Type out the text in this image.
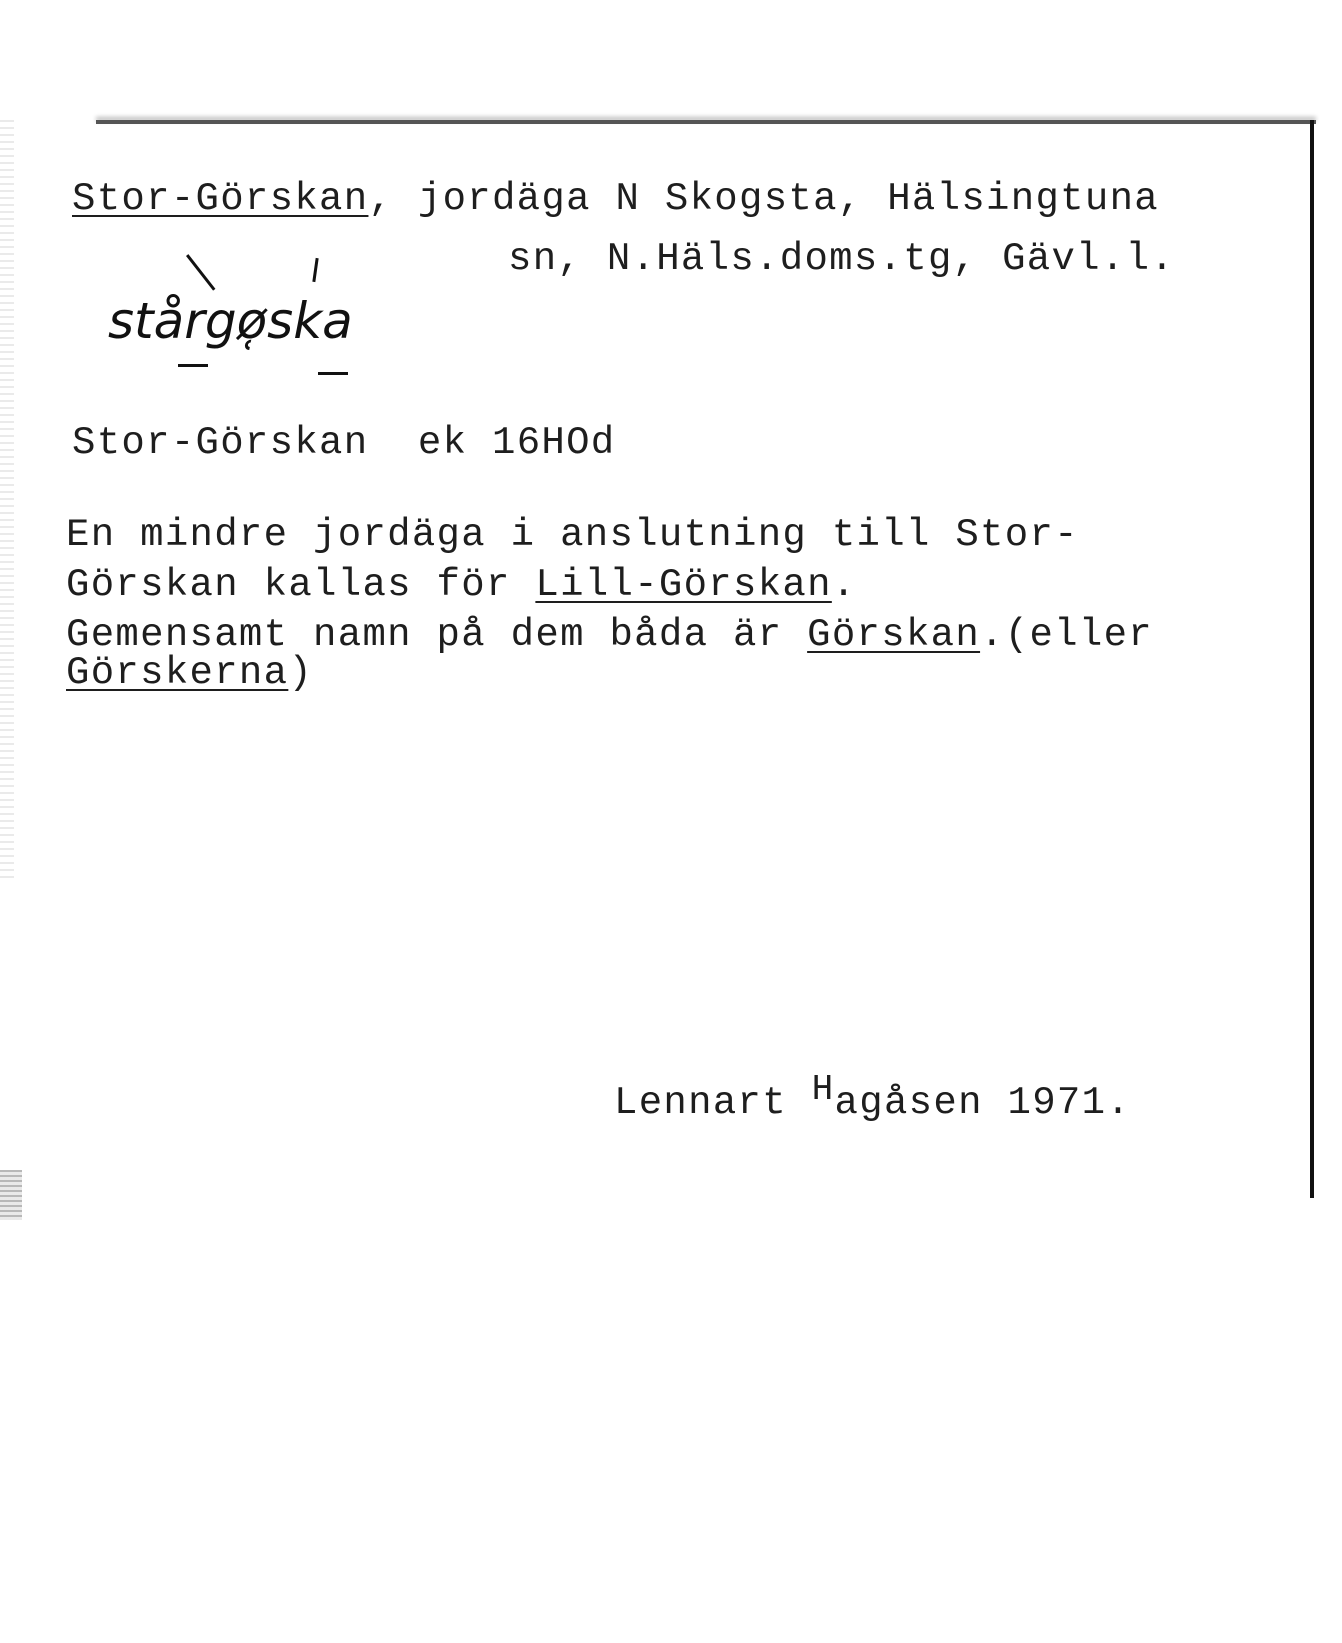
Stor-Görskan, jordäga N Skogsta, Hälsingtuna
sn, N.Häls.doms.tg, Gävl.l.
stårgø̜ska
Stor-Görskan ek 16HOd
En mindre jordäga i anslutning till Stor-
Görskan kallas för Lill-Görskan.
Gemensamt namn på dem båda är Görskan.(eller
Görskerna)
Lennart Hagåsen 1971.
